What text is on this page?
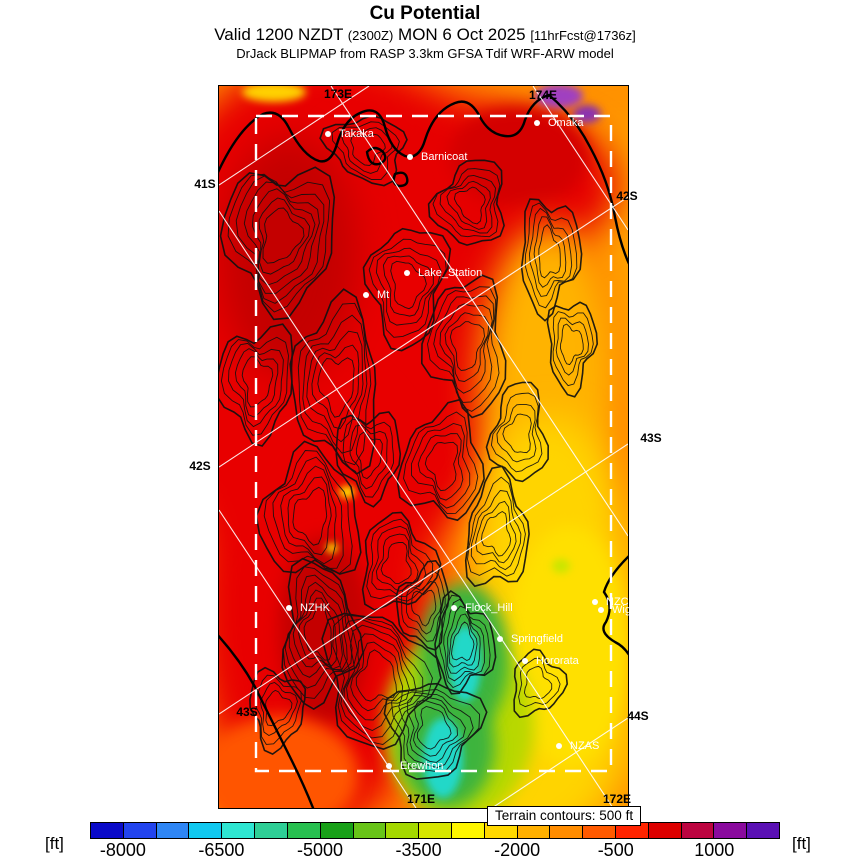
Cu Potential
Valid 1200 NZDT (2300Z) MON 6 Oct 2025 [11hrFcst@1736z]
DrJack BLIPMAP from RASP 3.3km GFSA Tdif WRF-ARW model
Takaka
Barnicoat
Omaka
Lake_Station
Mt
NZHK	Flock_Hill
Springfield
Hororata
NZCH
Wigram
NZAS
Erewhon
173E	174E
41S
42S
42S
43S
43S	44S
171E	172E
Terrain contours: 500 ft
-8000	-6500	-5000	-3500	-2000	-500	1000
[ft]	[ft]
